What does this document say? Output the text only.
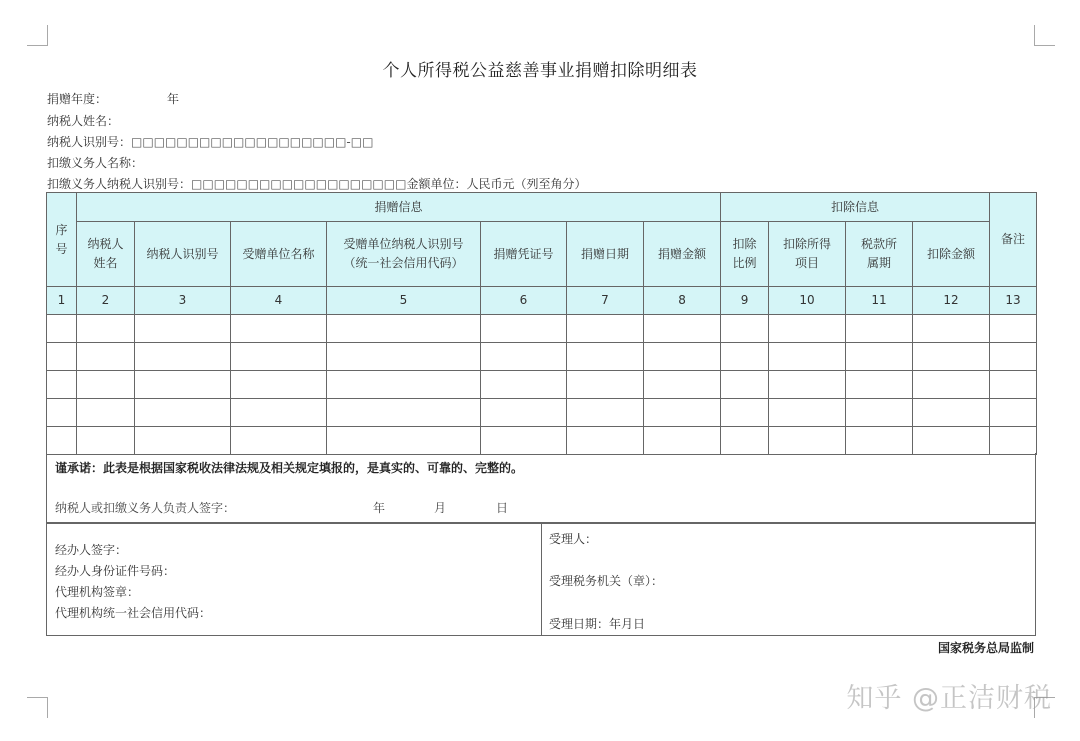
个人所得税公益慈善事业捐赠扣除明细表
捐赠年度：	年
纳税人姓名：
纳税人识别号：□□□□□□□□□□□□□□□□□□□-□□
扣缴义务人名称：
扣缴义务人纳税人识别号：□□□□□□□□□□□□□□□□□□□金额单位：人民币元（列至角分）
序号	捐赠信息							扣除信息				备注
	纳税人姓名	纳税人识别号	受赠单位名称	受赠单位纳税人识别号（统一社会信用代码）	捐赠凭证号	捐赠日期	捐赠金额	扣除比例	扣除所得项目	税款所属期	扣除金额	
1	2	3	4	5	6	7	8	9	10	11	12	13

谨承诺：此表是根据国家税收法律法规及相关规定填报的，是真实的、可靠的、完整的。
纳税人或扣缴义务人负责人签字：	年	月	日
经办人签字：
经办人身份证件号码：
代理机构签章：
代理机构统一社会信用代码：
受理人：
受理税务机关（章）：
受理日期：年月日
国家税务总局监制
知乎 @正洁财税
